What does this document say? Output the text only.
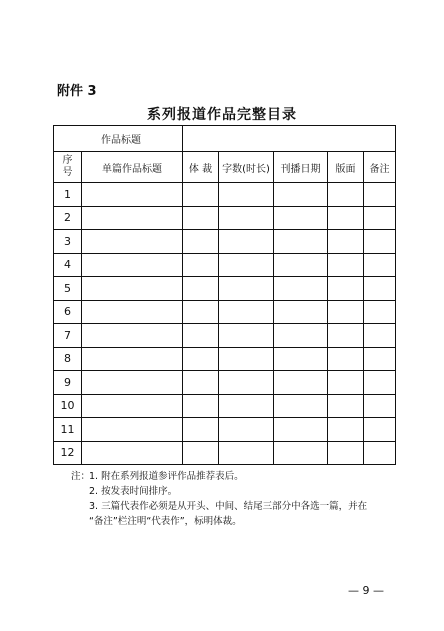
附件 3
系列报道作品完整目录
作品标题						
序
号	单篇作品标题	体 裁	字数(时长)	刊播日期	版面	备注
1						
2						
3						
4						
5						
6						
7						
8						
9						
10						
11						
12						
注：
1. 附在系列报道参评作品推荐表后。
2. 按发表时间排序。
3. 三篇代表作必须是从开头、中间、结尾三部分中各选一篇，并在
“备注”栏注明“代表作”，标明体裁。
— 9 —
